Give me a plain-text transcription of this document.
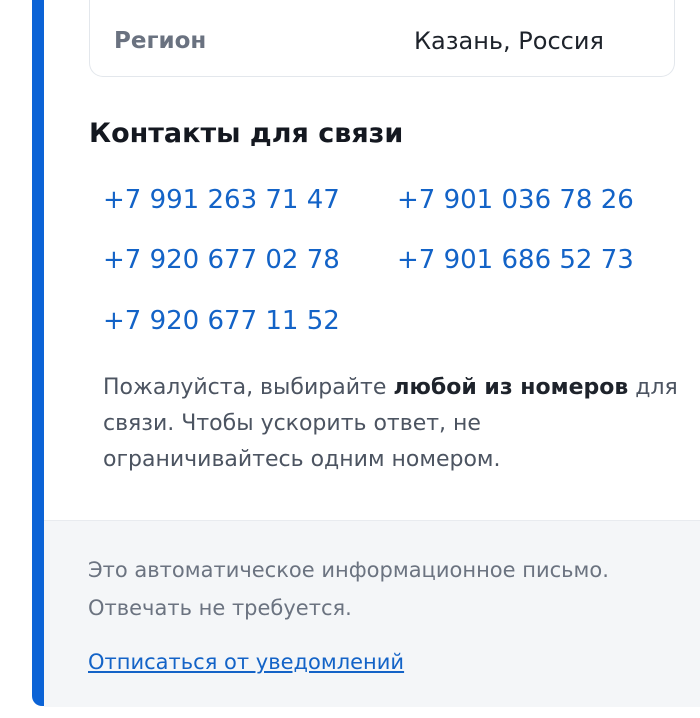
Регион	Казань, Россия
Контакты для связи
+7 991 263 71 47 +7 901 036 78 26
+7 920 677 02 78 +7 901 686 52 73
+7 920 677 11 52
Пожалуйста, выбирайте любой из номеров для связи. Чтобы ускорить ответ, не ограничивайтесь одним номером.
Это автоматическое информационное письмо.
Отвечать не требуется.
Отписаться от уведомлений
